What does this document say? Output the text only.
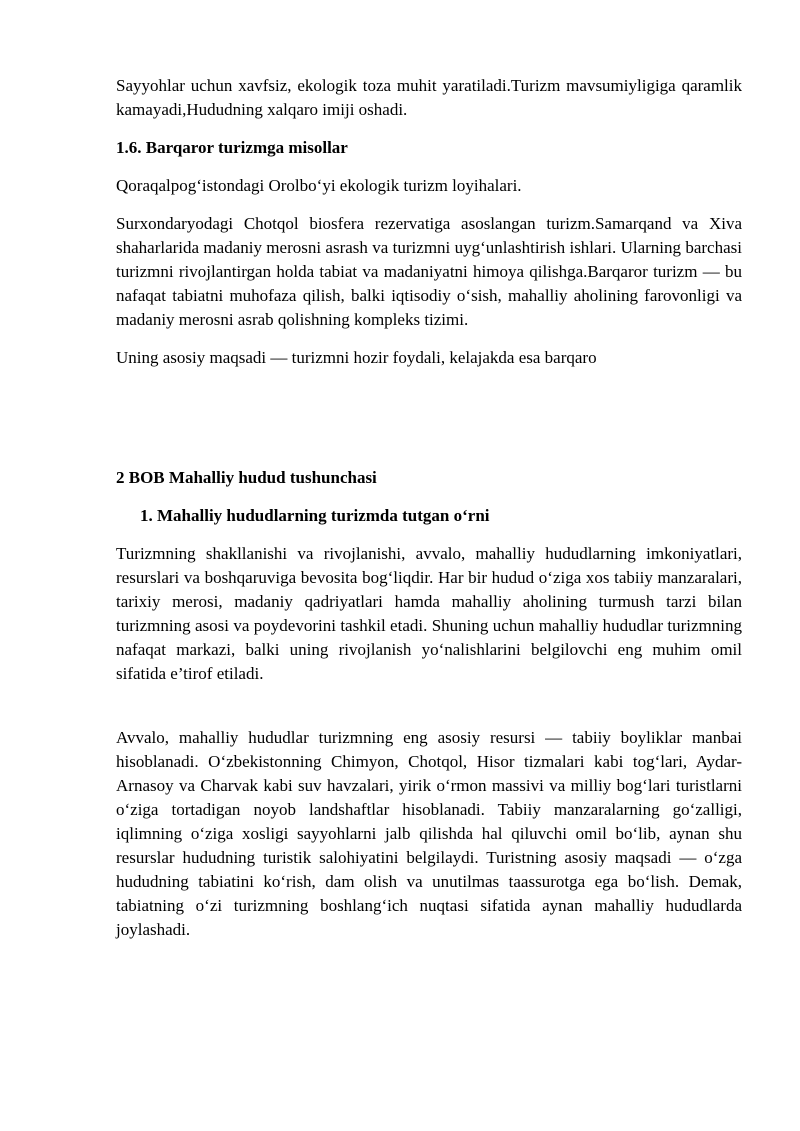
Sayyohlar uchun xavfsiz, ekologik toza muhit yaratiladi.Turizm mavsumiyligiga qaramlik kamayadi,Hududning xalqaro imiji oshadi.

1.6. Barqaror turizmga misollar

Qoraqalpog‘istondagi Orolbo‘yi ekologik turizm loyihalari.

Surxondaryodagi Chotqol biosfera rezervatiga asoslangan turizm.Samarqand va Xiva shaharlarida madaniy merosni asrash va turizmni uyg‘unlashtirish ishlari. Ularning barchasi turizmni rivojlantirgan holda tabiat va madaniyatni himoya qilishga.Barqaror turizm — bu nafaqat tabiatni muhofaza qilish, balki iqtisodiy o‘sish, mahalliy aholining farovonligi va madaniy merosni asrab qolishning kompleks tizimi.

Uning asosiy maqsadi — turizmni hozir foydali, kelajakda esa barqaro

2 BOB Mahalliy hudud tushunchasi

1. Mahalliy hududlarning turizmda tutgan o‘rni

Turizmning shakllanishi va rivojlanishi, avvalo, mahalliy hududlarning imkoniyatlari, resurslari va boshqaruviga bevosita bog‘liqdir. Har bir hudud o‘ziga xos tabiiy manzaralari, tarixiy merosi, madaniy qadriyatlari hamda mahalliy aholining turmush tarzi bilan turizmning asosi va poydevorini tashkil etadi. Shuning uchun mahalliy hududlar turizmning nafaqat markazi, balki uning rivojlanish yo‘nalishlarini belgilovchi eng muhim omil sifatida e’tirof etiladi.

Avvalo, mahalliy hududlar turizmning eng asosiy resursi — tabiiy boyliklar manbai hisoblanadi. O‘zbekistonning Chimyon, Chotqol, Hisor tizmalari kabi tog‘lari, Aydar-Arnasoy va Charvak kabi suv havzalari, yirik o‘rmon massivi va milliy bog‘lari turistlarni o‘ziga tortadigan noyob landshaftlar hisoblanadi. Tabiiy manzaralarning go‘zalligi, iqlimning o‘ziga xosligi sayyohlarni jalb qilishda hal qiluvchi omil bo‘lib, aynan shu resurslar hududning turistik salohiyatini belgilaydi. Turistning asosiy maqsadi — o‘zga hududning tabiatini ko‘rish, dam olish va unutilmas taassurotga ega bo‘lish. Demak, tabiatning o‘zi turizmning boshlang‘ich nuqtasi sifatida aynan mahalliy hududlarda joylashadi.
